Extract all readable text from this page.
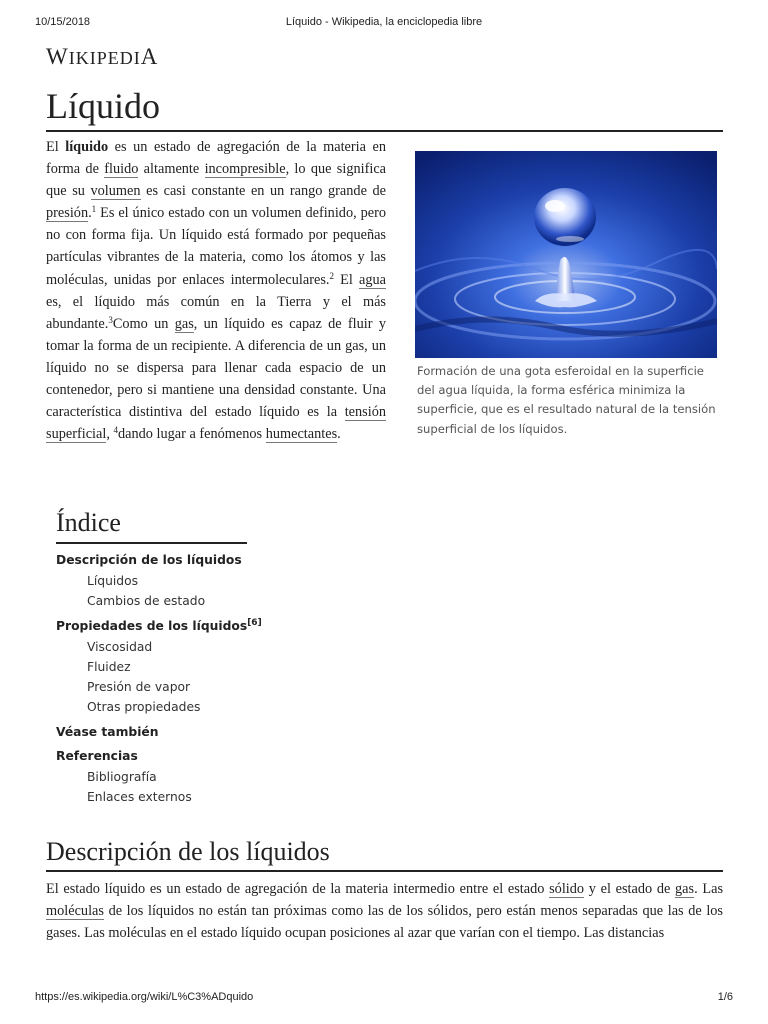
10/15/2018	Líquido - Wikipedia, la enciclopedia libre
WIKIPEDIA
Líquido

El líquido es un estado de agregación de la materia en forma de fluido altamente incompresible, lo que significa que su volumen es casi constante en un rango grande de presión.$^1$ Es el único estado con un volumen definido, pero no con forma fija. Un líquido está formado por pequeñas partículas vibrantes de la materia, como los átomos y las moléculas, unidas por enlaces intermoleculares.$^2$ El agua es, el líquido más común en la Tierra y el más abundante.$^3$Como un gas, un líquido es capaz de fluir y tomar la forma de un recipiente. A diferencia de un gas, un líquido no se dispersa para llenar cada espacio de un contenedor, pero si mantiene una densidad constante. Una característica distintiva del estado líquido es la tensión superficial, $^4$dando lugar a fenómenos humectantes.

Formación de una gota esferoidal en la superficie del agua líquida, la forma esférica minimiza la superficie, que es el resultado natural de la tensión superficial de los líquidos.
Índice
Descripción de los líquidos
Líquidos
Cambios de estado
Propiedades de los líquidos[6]
Viscosidad
Fluidez
Presión de vapor
Otras propiedades
Véase también
Referencias
Bibliografía
Enlaces externos
Descripción de los líquidos

El estado líquido es un estado de agregación de la materia intermedio entre el estado sólido y el estado de gas. Las moléculas de los líquidos no están tan próximas como las de los sólidos, pero están menos separadas que las de los gases. Las moléculas en el estado líquido ocupan posiciones al azar que varían con el tiempo. Las distancias

https://es.wikipedia.org/wiki/L%C3%ADquido	1/6
